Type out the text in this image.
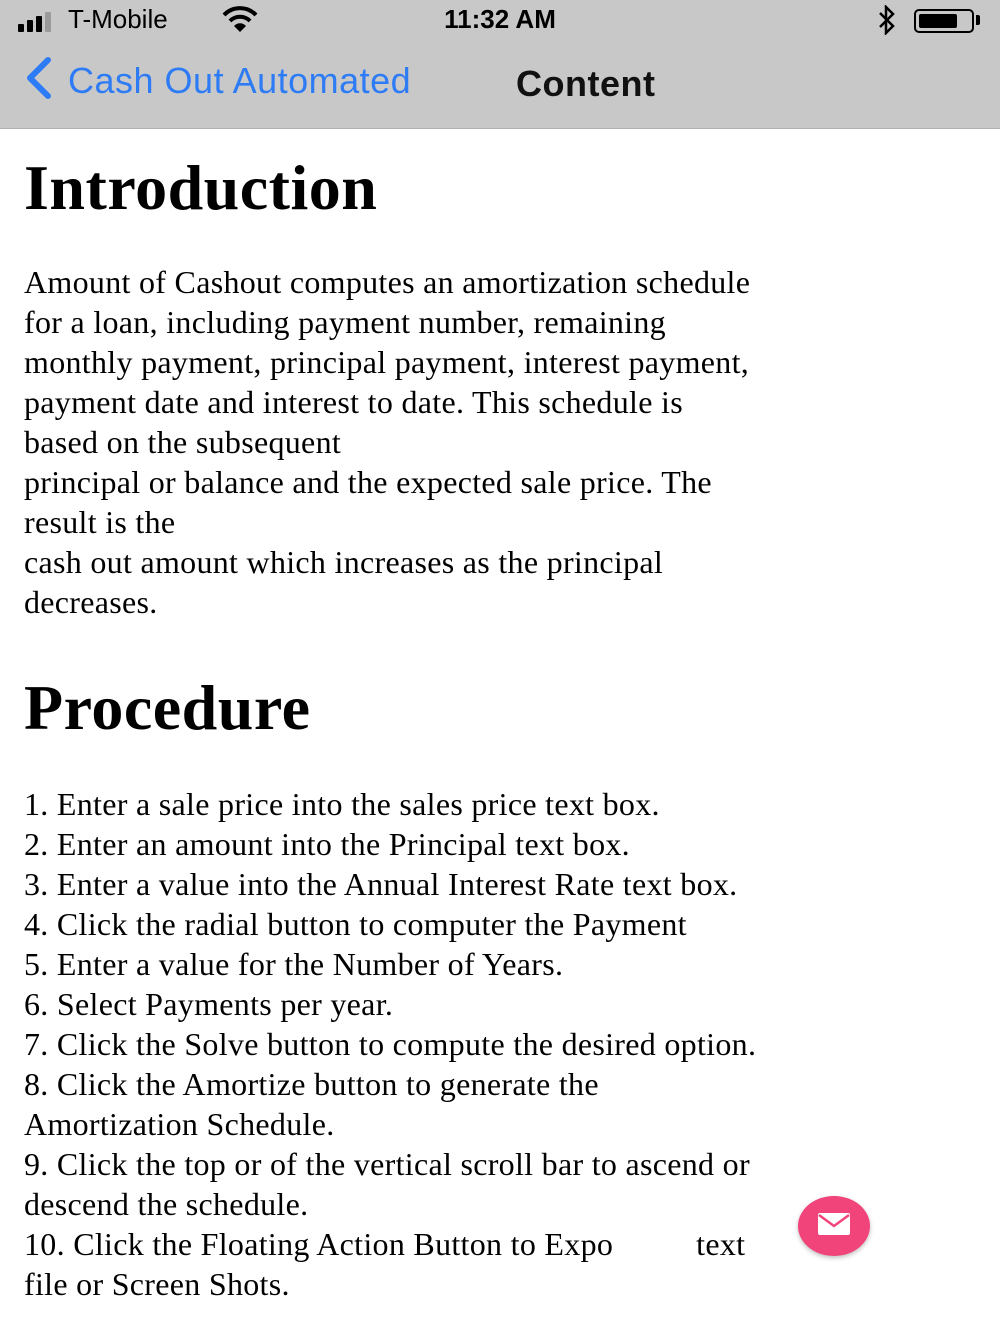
T-Mobile	11:32 AM
Cash Out Automated	Content
Introduction
Amount of Cashout computes an amortization schedule
for a loan, including payment number, remaining
monthly payment, principal payment, interest payment,
payment date and interest to date. This schedule is
based on the subsequent
principal or balance and the expected sale price. The
result is the
cash out amount which increases as the principal
decreases.
Procedure
1. Enter a sale price into the sales price text box.
2. Enter an amount into the Principal text box.
3. Enter a value into the Annual Interest Rate text box.
4. Click the radial button to computer the Payment
5. Enter a value for the Number of Years.
6. Select Payments per year.
7. Click the Solve button to compute the desired option.
8. Click the Amortize button to generate the
Amortization Schedule.
9. Click the top or of the vertical scroll bar to ascend or
descend the schedule.
10. Click the Floating Action Button to Expo          text
file or Screen Shots.
